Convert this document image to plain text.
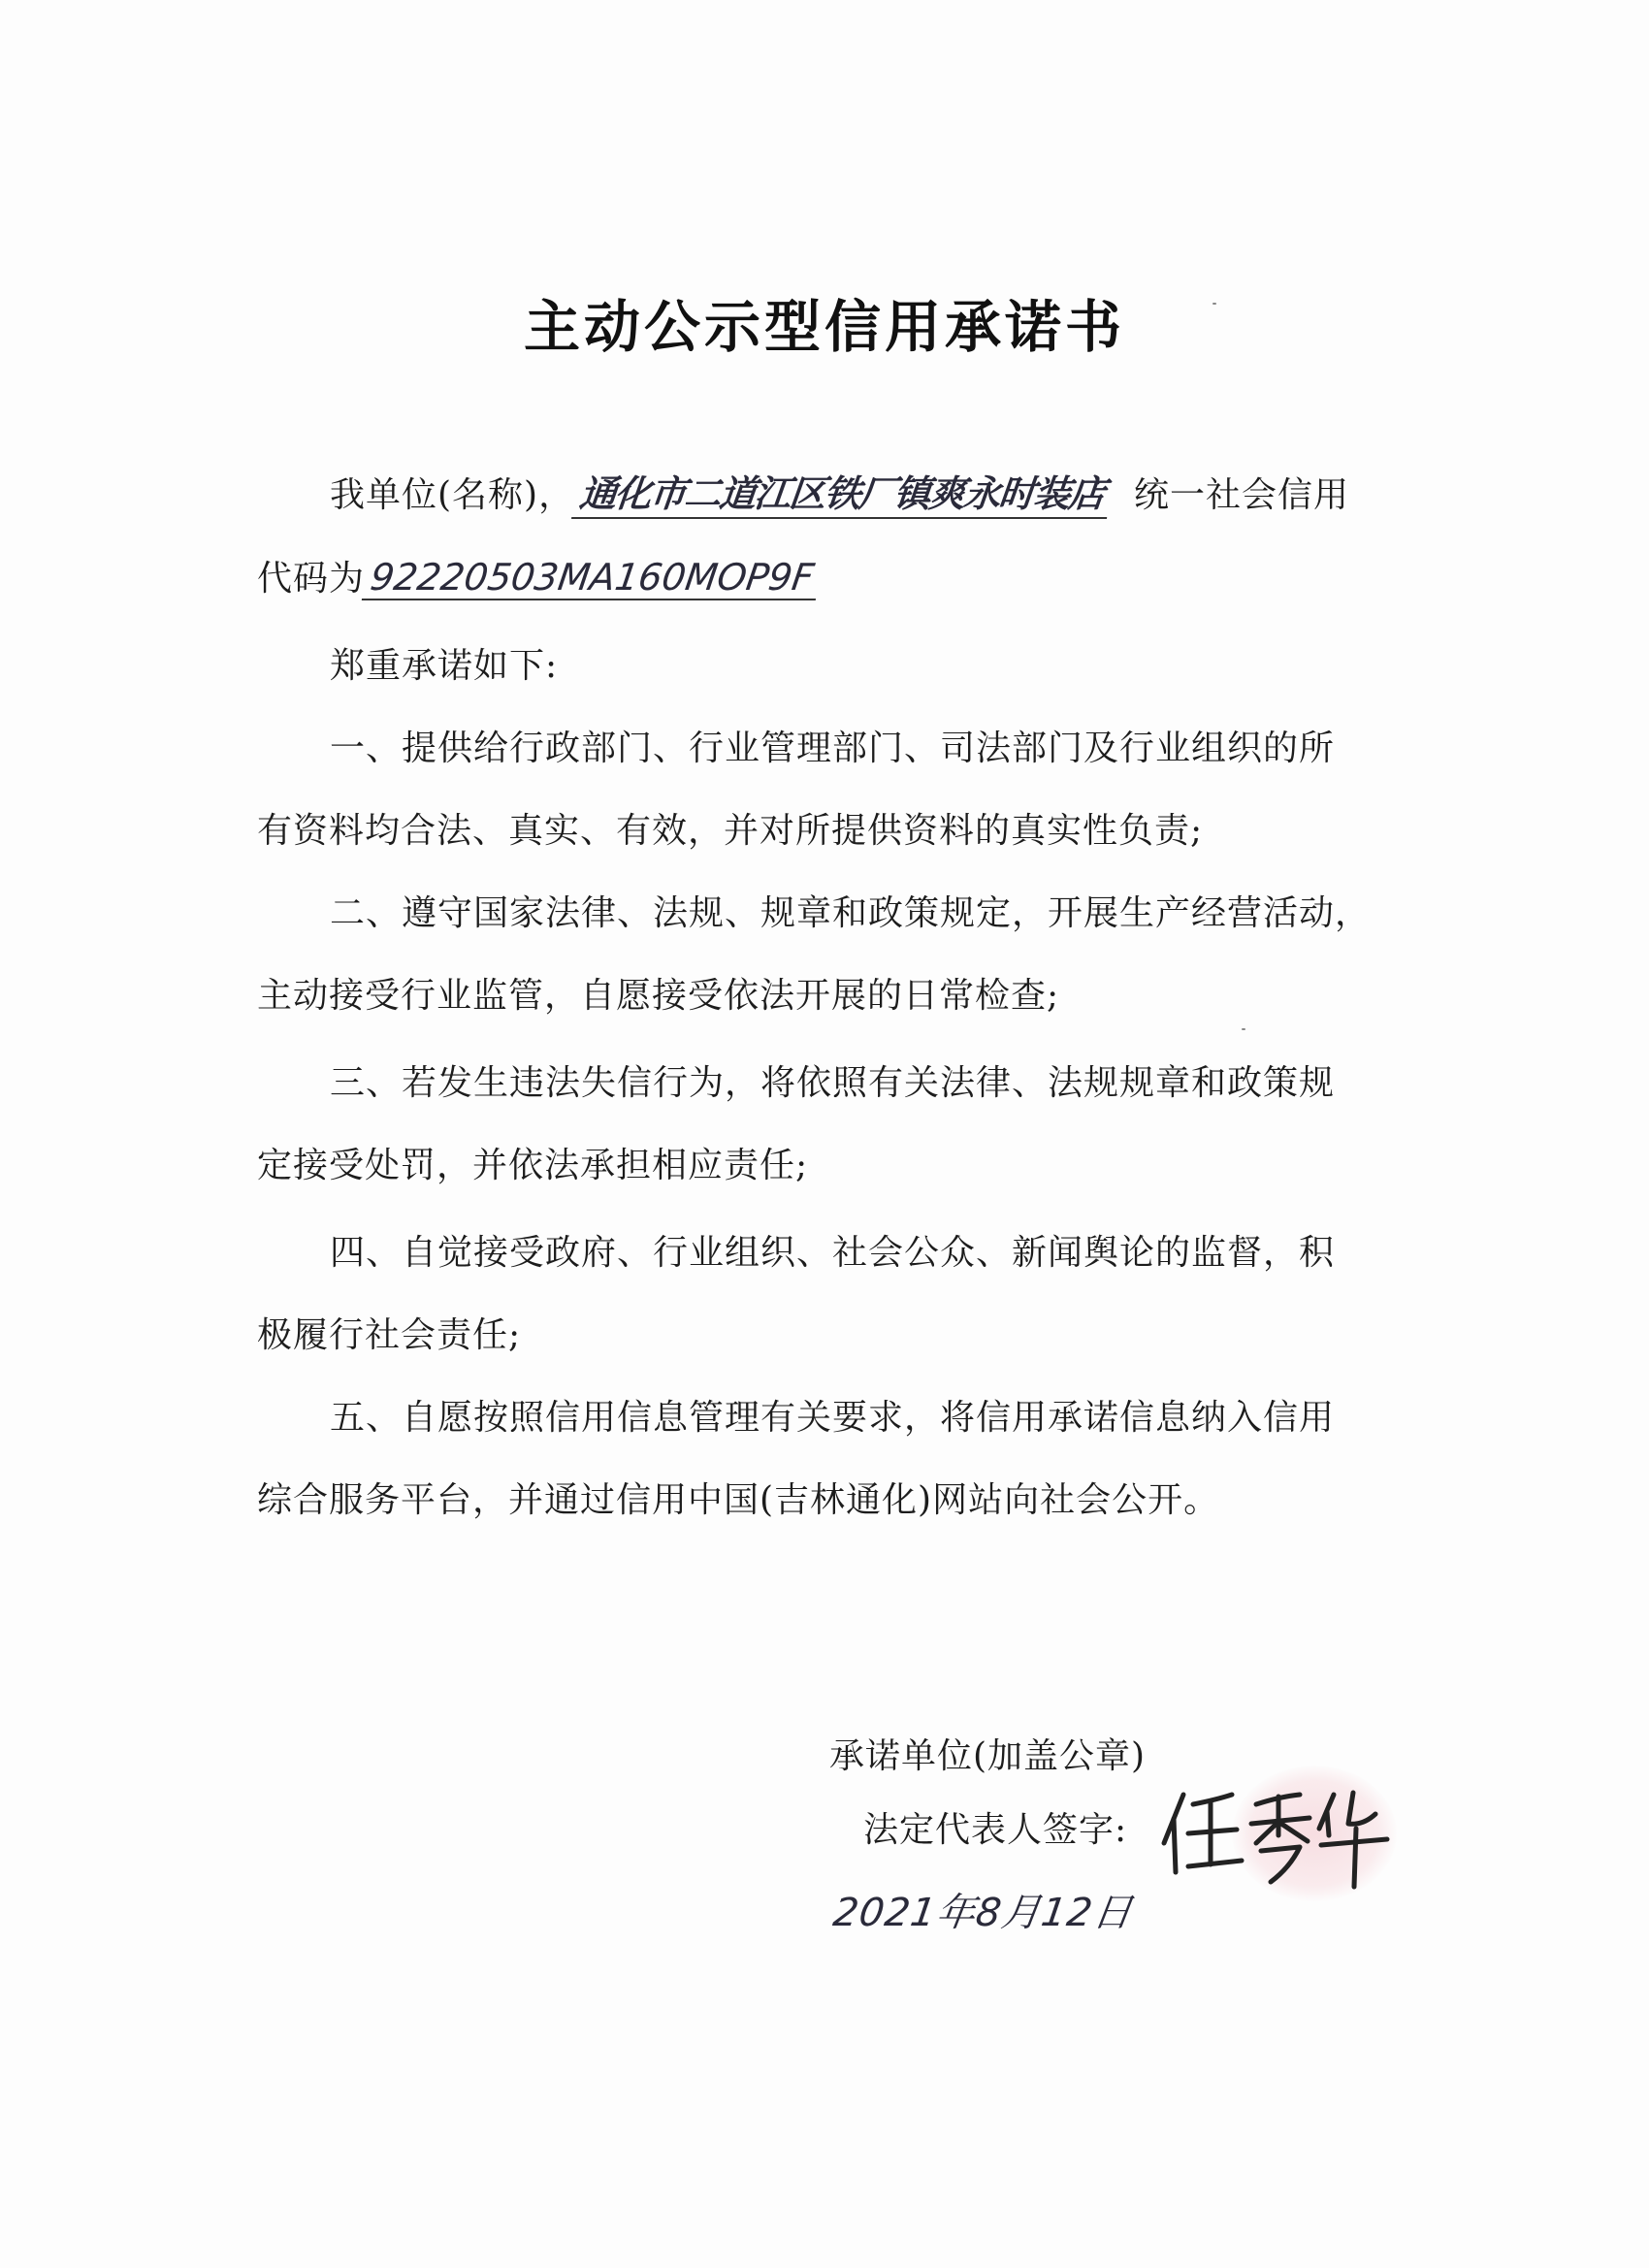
主动公示型信用承诺书
我单位(名称)，通化市二道江区铁厂镇爽永时装店 统一社会信用
代码为92220503MA160MOP9F
郑重承诺如下:
一、提供给行政部门、行业管理部门、司法部门及行业组织的所
有资料均合法、真实、有效，并对所提供资料的真实性负责;
二、遵守国家法律、法规、规章和政策规定，开展生产经营活动，
主动接受行业监管，自愿接受依法开展的日常检查;
三、若发生违法失信行为，将依照有关法律、法规规章和政策规
定接受处罚，并依法承担相应责任;
四、自觉接受政府、行业组织、社会公众、新闻舆论的监督，积
极履行社会责任;
五、自愿按照信用信息管理有关要求，将信用承诺信息纳入信用
综合服务平台，并通过信用中国(吉林通化)网站向社会公开。
承诺单位(加盖公章)
法定代表人签字:
任秀华
2021年8月12日
